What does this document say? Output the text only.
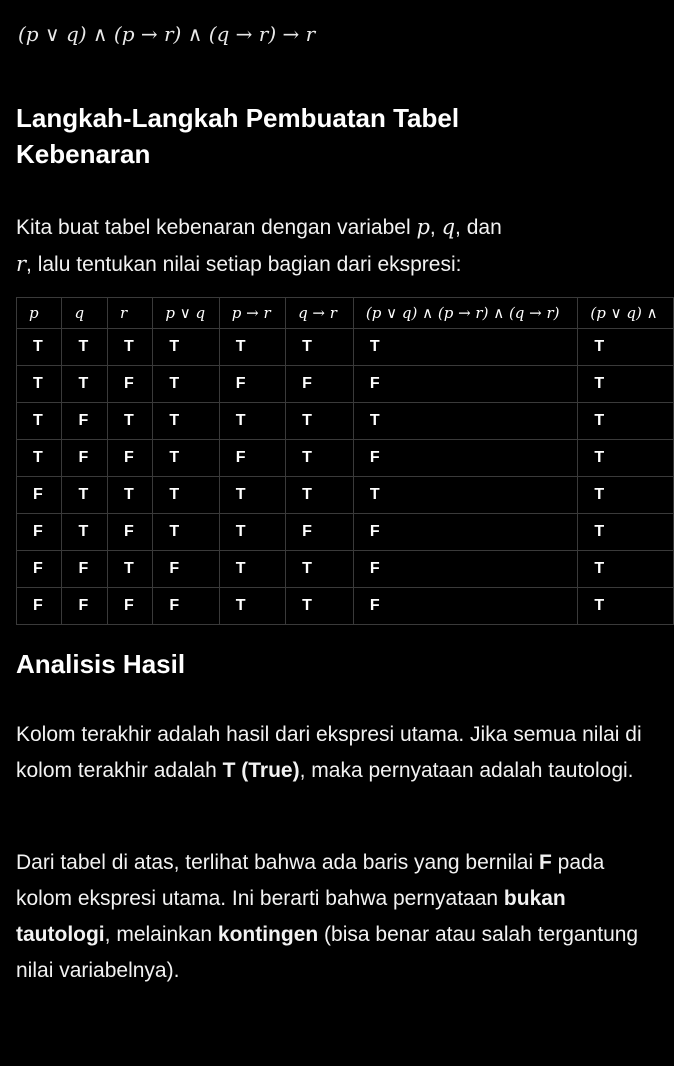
(p ∨ q) ∧ (p → r) ∧ (q → r) → r
Langkah-Langkah Pembuatan Tabel Kebenaran
Kita buat tabel kebenaran dengan variabel p, q, dan
r, lalu tentukan nilai setiap bagian dari ekspresi:
p	q	r	p ∨ q	p → r	q → r	(p ∨ q) ∧ (p → r) ∧ (q → r)	(p ∨ q) ∧
T	T	T	T	T	T	T	T
T	T	F	T	F	F	F	T
T	F	T	T	T	T	T	T
T	F	F	T	F	T	F	T
F	T	T	T	T	T	T	T
F	T	F	T	T	F	F	T
F	F	T	F	T	T	F	T
F	F	F	F	T	T	F	T
Analisis Hasil
Kolom terakhir adalah hasil dari ekspresi utama. Jika semua nilai di kolom terakhir adalah T (True), maka pernyataan adalah tautologi.
Dari tabel di atas, terlihat bahwa ada baris yang bernilai F pada kolom ekspresi utama. Ini berarti bahwa pernyataan bukan tautologi, melainkan kontingen (bisa benar atau salah tergantung nilai variabelnya).
